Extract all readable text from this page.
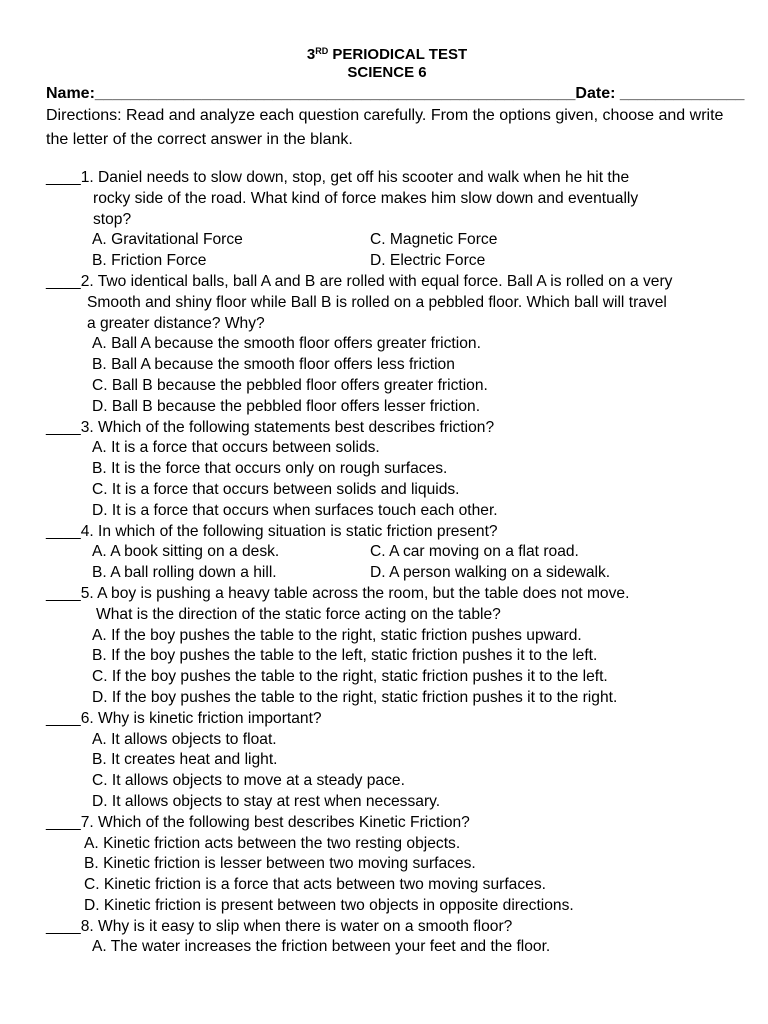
3RD PERIODICAL TEST
SCIENCE 6
Name:______________________________________________________ Date: ______________
Directions: Read and analyze each question carefully. From the options given, choose and write the letter of the correct answer in the blank.
____1. Daniel needs to slow down, stop, get off his scooter and walk when he hit the
rocky side of the road. What kind of force makes him slow down and eventually
stop?
A. Gravitational Force	C. Magnetic Force
B. Friction Force	D. Electric Force
____2. Two identical balls, ball A and B are rolled with equal force. Ball A is rolled on a very
Smooth and shiny floor while Ball B is rolled on a pebbled floor. Which ball will travel
a greater distance? Why?
A. Ball A because the smooth floor offers greater friction.
B. Ball A because the smooth floor offers less friction
C. Ball B because the pebbled floor offers greater friction.
D. Ball B because the pebbled floor offers lesser friction.
____3. Which of the following statements best describes friction?
A. It is a force that occurs between solids.
B. It is the force that occurs only on rough surfaces.
C. It is a force that occurs between solids and liquids.
D. It is a force that occurs when surfaces touch each other.
____4. In which of the following situation is static friction present?
A. A book sitting on a desk.	C. A car moving on a flat road.
B. A ball rolling down a hill.	D. A person walking on a sidewalk.
____5. A boy is pushing a heavy table across the room, but the table does not move.
What is the direction of the static force acting on the table?
A. If the boy pushes the table to the right, static friction pushes upward.
B. If the boy pushes the table to the left, static friction pushes it to the left.
C. If the boy pushes the table to the right, static friction pushes it to the left.
D. If the boy pushes the table to the right, static friction pushes it to the right.
____6. Why is kinetic friction important?
A. It allows objects to float.
B. It creates heat and light.
C. It allows objects to move at a steady pace.
D. It allows objects to stay at rest when necessary.
____7. Which of the following best describes Kinetic Friction?
A. Kinetic friction acts between the two resting objects.
B. Kinetic friction is lesser between two moving surfaces.
C. Kinetic friction is a force that acts between two moving surfaces.
D. Kinetic friction is present between two objects in opposite directions.
____8. Why is it easy to slip when there is water on a smooth floor?
A. The water increases the friction between your feet and the floor.
